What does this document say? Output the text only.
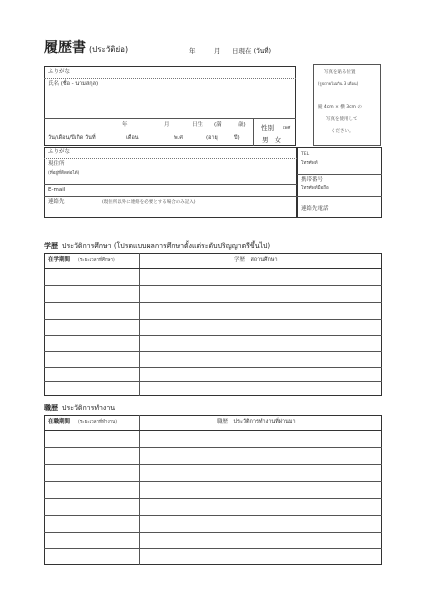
履歴書 (ประวัติย่อ)	年	月 日現在 (วันที่)
ふりがな
氏名 (ชื่อ - นามสกุล)
วัน/เดือน/ปีเกิด วันที่
年	月	日生 (満	歳)
เดือน	พ.ศ	(อายุ	ปี)
性別 เพศ
男 女
写真を貼る位置
(รูปถ่ายไม่เกิน 3 เดือน)
縦 4cm × 横 3cm の
写真を使用して
ください。
ふりがな
現住所
(ที่อยู่ที่ติดต่อได้)
E-mail
連絡先	(現住所以外に連絡を必要とする場合のみ記入)
TEL
โทรศัพท์
携帯番号
โทรศัพท์มือถือ
連絡先電話
学歴 ประวัติการศึกษา (โปรดแบบผลการศึกษาตั้งแต่ระดับปริญญาตรีขึ้นไป)
在学期間 (ระยะเวลาที่ศึกษา)	学歴　สถานศึกษา
職歴 ประวัติการทำงาน
在職期間 (ระยะเวลาที่ทำงาน)	職歴　ประวัติการทำงานที่ผ่านมา
